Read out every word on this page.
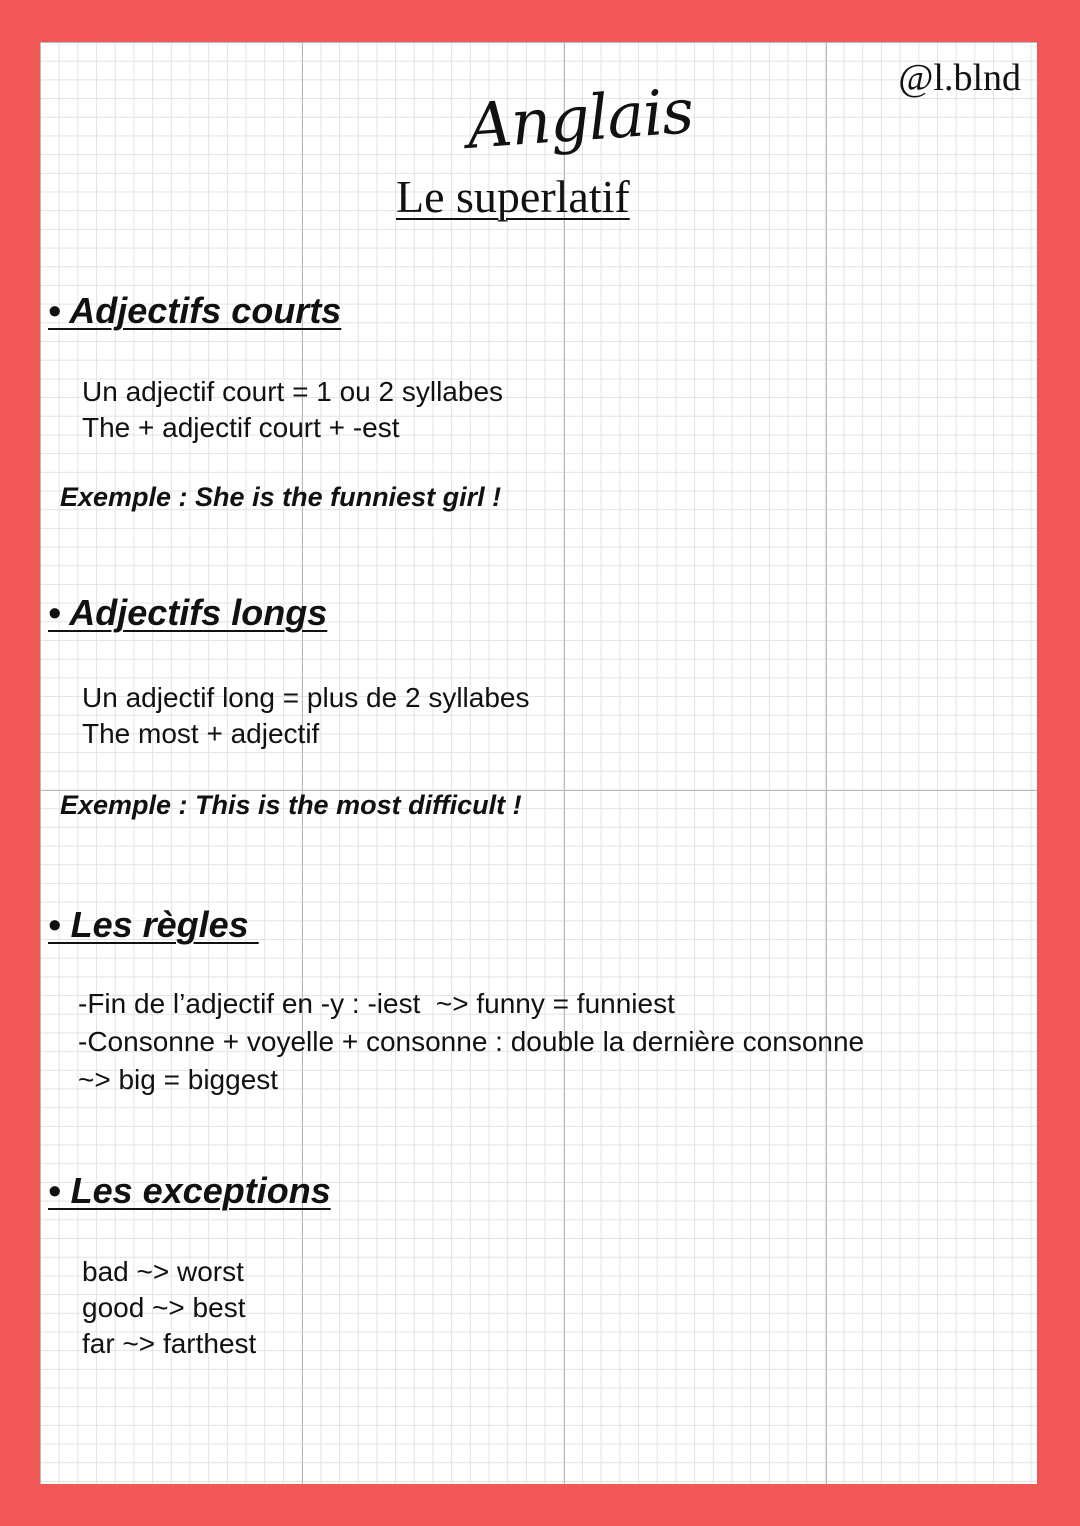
Anglais
Le superlatif
@l.blnd
• Adjectifs courts
Un adjectif court = 1 ou 2 syllabes
The + adjectif court + -est
Exemple : She is the funniest girl !
• Adjectifs longs
Un adjectif long = plus de 2 syllabes
The most + adjectif
Exemple : This is the most difficult !
• Les règles
-Fin de l’adjectif en -y : -iest  ~> funny = funniest
-Consonne + voyelle + consonne : double la dernière consonne
~> big = biggest
• Les exceptions
bad ~> worst
good ~> best
far ~> farthest
